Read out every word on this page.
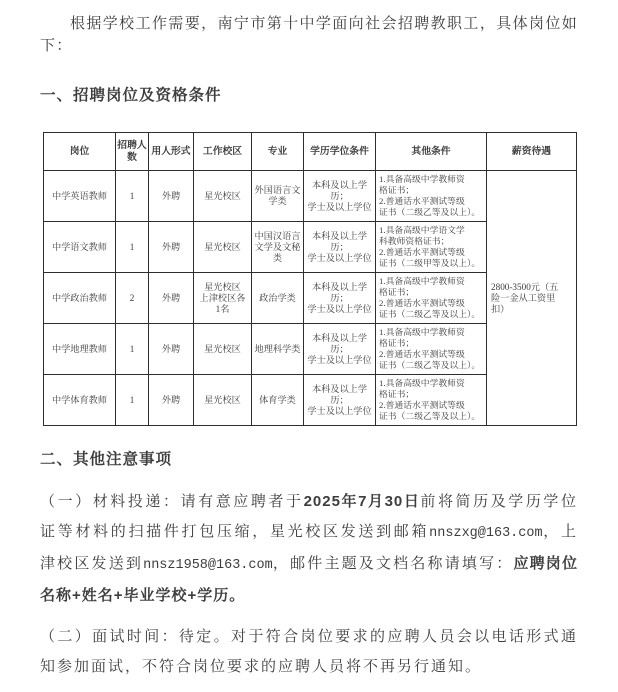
根据学校工作需要，南宁市第十中学面向社会招聘教职工，具体岗位如下：

一、招聘岗位及资格条件
岗位	招聘人数	用人形式	工作校区	专业	学历学位条件	其他条件	薪资待遇
中学英语教师	1	外聘	星光校区	外国语言文
学类	本科及以上学历；
学士及以上学位	1.具备高级中学教师资
格证书；
2.普通话水平测试等级
证书（二级乙等及以上）。	2800-3500元（五
险一金从工资里
扣）
中学语文教师	1	外聘	星光校区	中国汉语言
文学及文秘
类	本科及以上学历；
学士及以上学位	1.具备高级中学语文学
科教师资格证书；
2.普通话水平测试等级
证书（二级甲等及以上）。	
中学政治教师	2	外聘	星光校区
上津校区各
1名	政治学类	本科及以上学历；
学士及以上学位	1.具备高级中学教师资
格证书；
2.普通话水平测试等级
证书（二级乙等及以上）。	
中学地理教师	1	外聘	星光校区	地理科学类	本科及以上学历；
学士及以上学位	1.具备高级中学教师资
格证书；
2.普通话水平测试等级
证书（二级乙等及以上）。	
中学体育教师	1	外聘	星光校区	体育学类	本科及以上学历；
学士及以上学位	1.具备高级中学教师资
格证书；
2.普通话水平测试等级
证书（二级乙等及以上）。	
二、其他注意事项

（一）材料投递：请有意应聘者于2025年7月30日前将简历及学历学位证等材料的扫描件打包压缩，星光校区发送到邮箱nnszxg@163.com，上津校区发送到nnsz1958@163.com，邮件主题及文档名称请填写：应聘岗位名称+姓名+毕业学校+学历。

（二）面试时间：待定。对于符合岗位要求的应聘人员会以电话形式通知参加面试，不符合岗位要求的应聘人员将不再另行通知。
